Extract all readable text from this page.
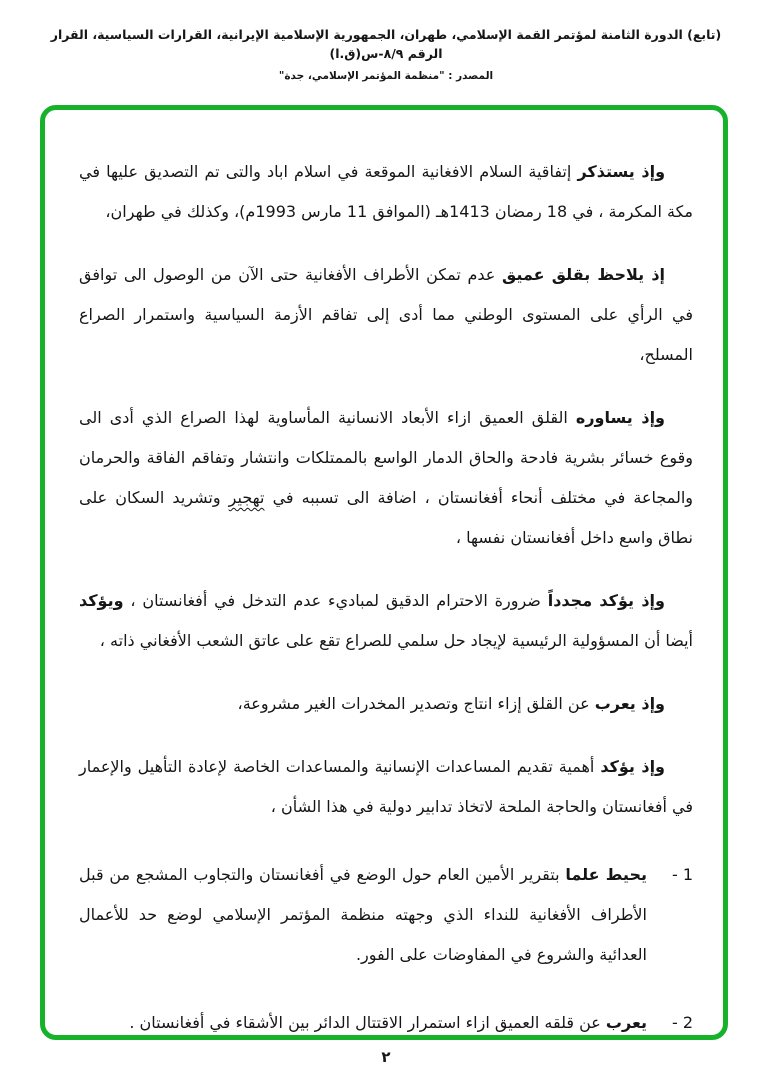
(تابع) الدورة الثامنة لمؤتمر القمة الإسلامي، طهران، الجمهورية الإسلامية الإيرانية، القرارات السياسية، القرار الرقم ٨/٩-س(ق.ا)
المصدر : "منظمة المؤتمر الإسلامي، جدة"

وإذ يستذكر إتفاقية السلام الافغانية الموقعة في اسلام اباد والتى تم التصديق عليها في مكة المكرمة ، في 18 رمضان 1413هـ (الموافق 11 مارس 1993م)، وكذلك في طهران،

إذ يلاحظ بقلق عميق عدم تمكن الأطراف الأفغانية حتى الآن من الوصول الى توافق في الرأي على المستوى الوطني مما أدى إلى تفاقم الأزمة السياسية واستمرار الصراع المسلح،

وإذ يساوره القلق العميق ازاء الأبعاد الانسانية المأساوية لهذا الصراع الذي أدى الى وقوع خسائر بشرية فادحة والحاق الدمار الواسع بالممتلكات وانتشار وتفاقم الفاقة والحرمان والمجاعة في مختلف أنحاء أفغانستان ، اضافة الى تسببه في تهجير وتشريد السكان على نطاق واسع داخل أفغانستان نفسها ،

وإذ يؤكد مجدداً ضرورة الاحترام الدقيق لمباديء عدم التدخل في أفغانستان ، ويؤكد أيضا أن المسؤولية الرئيسية لإيجاد حل سلمي للصراع تقع على عاتق الشعب الأفغاني ذاته ،

وإذ يعرب عن القلق إزاء انتاج وتصدير المخدرات الغير مشروعة،

وإذ يؤكد أهمية تقديم المساعدات الإنسانية والمساعدات الخاصة لإعادة التأهيل والإعمار في أفغانستان والحاجة الملحة لاتخاذ تدابير دولية في هذا الشأن ،

1 -

يحيط علما بتقرير الأمين العام حول الوضع في أفغانستان والتجاوب المشجع من قبل الأطراف الأفغانية للنداء الذي وجهته منظمة المؤتمر الإسلامي لوضع حد للأعمال العدائية والشروع في المفاوضات على الفور.

2 -

يعرب عن قلقه العميق ازاء استمرار الاقتتال الدائر بين الأشقاء في أفغانستان .

٢
